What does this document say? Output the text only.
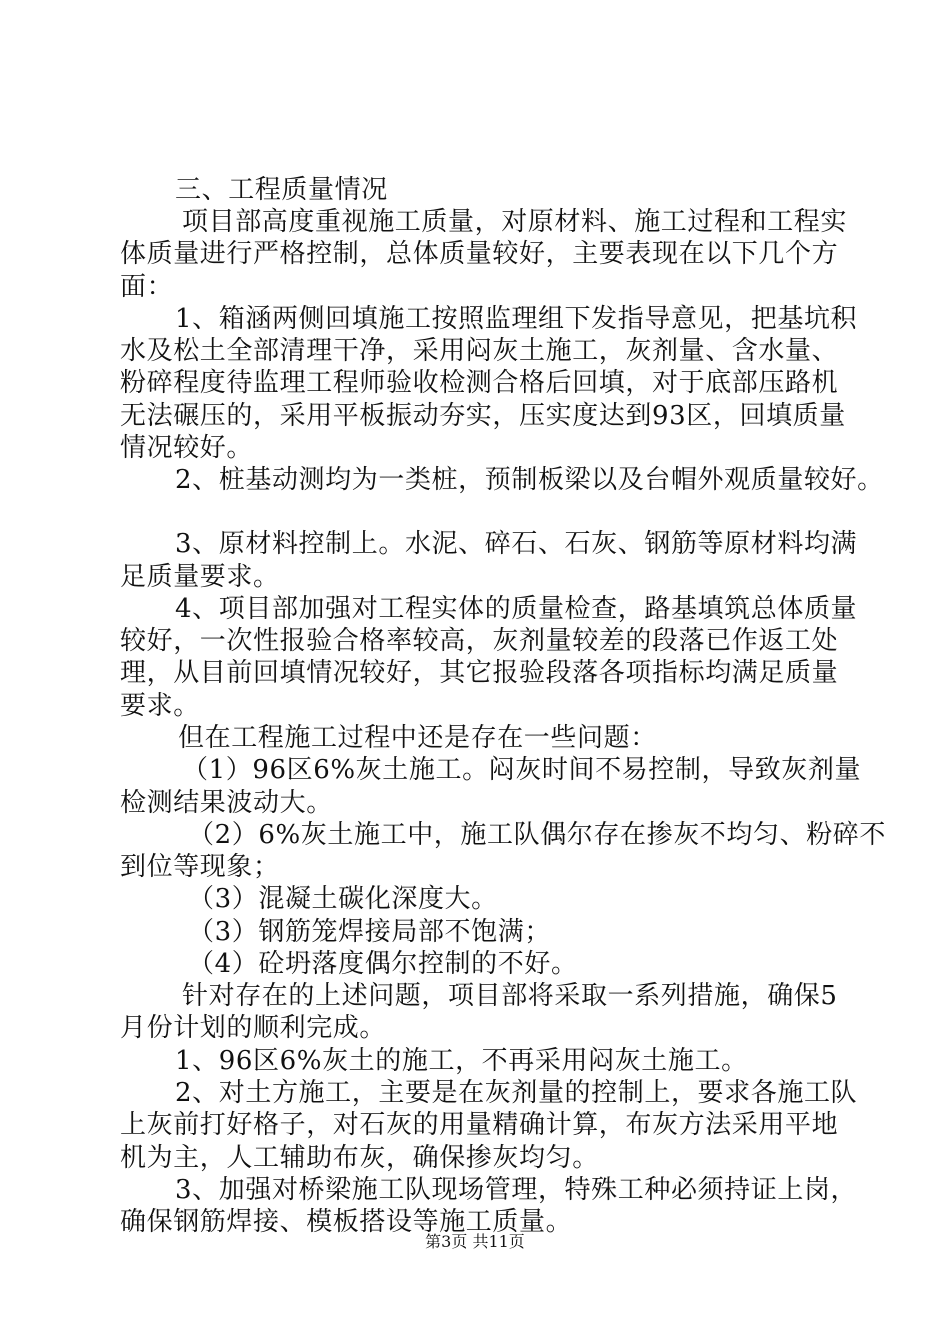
三、工程质量情况
项目部高度重视施工质量，对原材料、施工过程和工程实
体质量进行严格控制，总体质量较好，主要表现在以下几个方
面：
1、箱涵两侧回填施工按照监理组下发指导意见，把基坑积
水及松土全部清理干净，采用闷灰土施工，灰剂量、含水量、
粉碎程度待监理工程师验收检测合格后回填，对于底部压路机
无法碾压的，采用平板振动夯实，压实度达到93区，回填质量
情况较好。
2、桩基动测均为一类桩，预制板梁以及台帽外观质量较好。
3、原材料控制上。水泥、碎石、石灰、钢筋等原材料均满
足质量要求。
4、项目部加强对工程实体的质量检查，路基填筑总体质量
较好，一次性报验合格率较高，灰剂量较差的段落已作返工处
理，从目前回填情况较好，其它报验段落各项指标均满足质量
要求。
但在工程施工过程中还是存在一些问题：
（1）96区6%灰土施工。闷灰时间不易控制，导致灰剂量
检测结果波动大。
（2）6%灰土施工中，施工队偶尔存在掺灰不均匀、粉碎不
到位等现象；
（3）混凝土碳化深度大。
（3）钢筋笼焊接局部不饱满；
（4）砼坍落度偶尔控制的不好。
针对存在的上述问题，项目部将采取一系列措施，确保5
月份计划的顺利完成。
1、96区6%灰土的施工，不再采用闷灰土施工。
2、对土方施工，主要是在灰剂量的控制上，要求各施工队
上灰前打好格子，对石灰的用量精确计算，布灰方法采用平地
机为主，人工辅助布灰，确保掺灰均匀。
3、加强对桥梁施工队现场管理，特殊工种必须持证上岗，
确保钢筋焊接、模板搭设等施工质量。
第3页 共11页
